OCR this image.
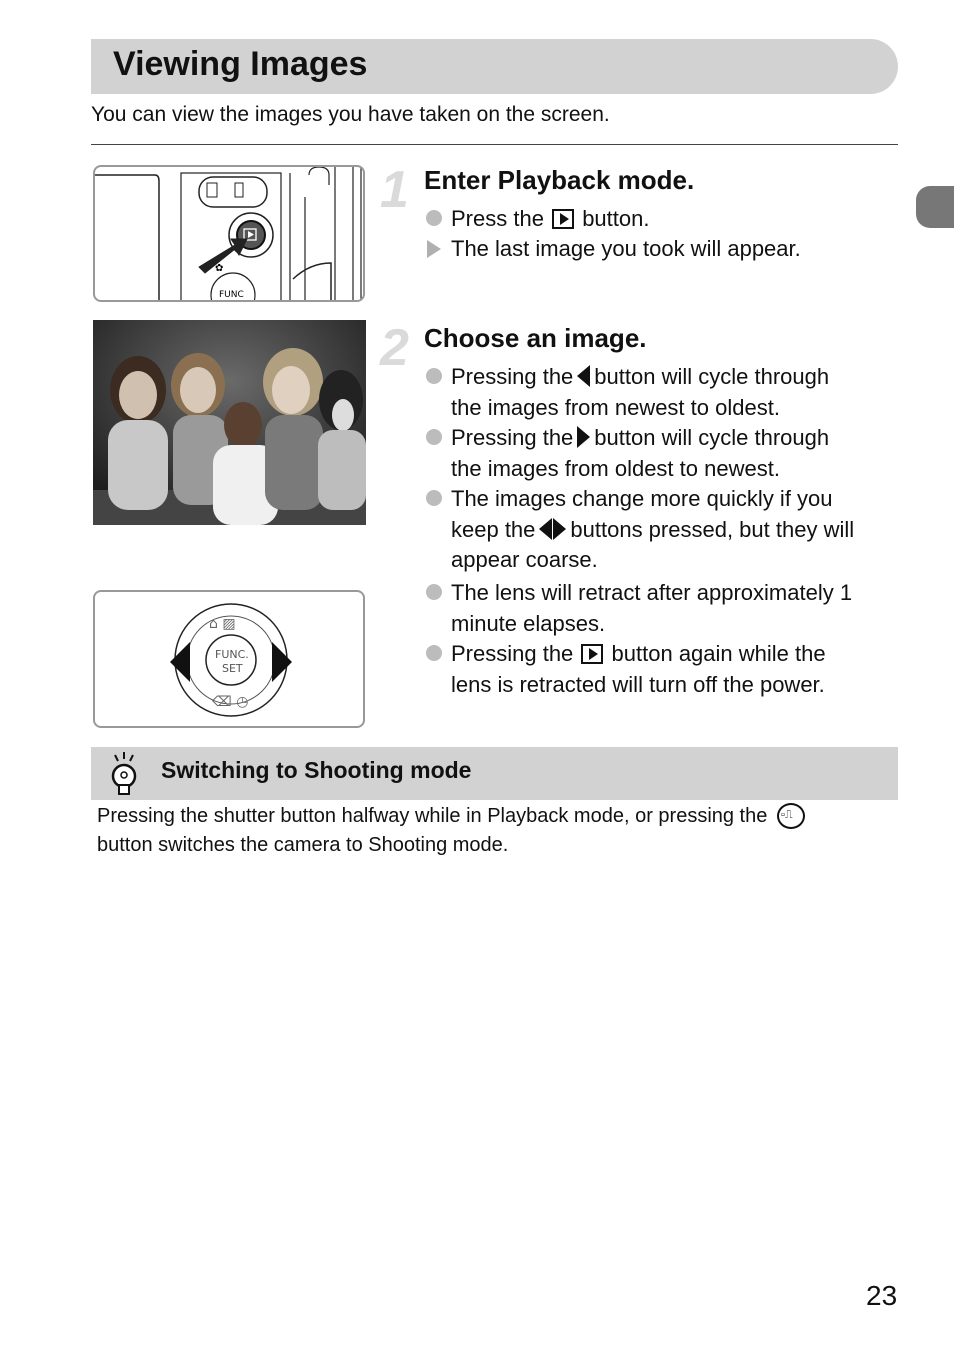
Viewing Images
You can view the images you have taken on the screen.
✿
FUNC
FUNC.
SET
⌂ ▨
⌫ ◷
1 Enter Playback mode.
Press the button.
The last image you took will appear.
2 Choose an image.
Pressing the button will cycle through
the images from newest to oldest.
Pressing the button will cycle through
the images from oldest to newest.
The images change more quickly if you
keep the buttons pressed, but they will
appear coarse.
The lens will retract after approximately 1
minute elapses.
Pressing the button again while the
lens is retracted will turn off the power.
Switching to Shooting mode
Pressing the shutter button halfway while in Playback mode, or pressing the ▫⎍
button switches the camera to Shooting mode.
23
